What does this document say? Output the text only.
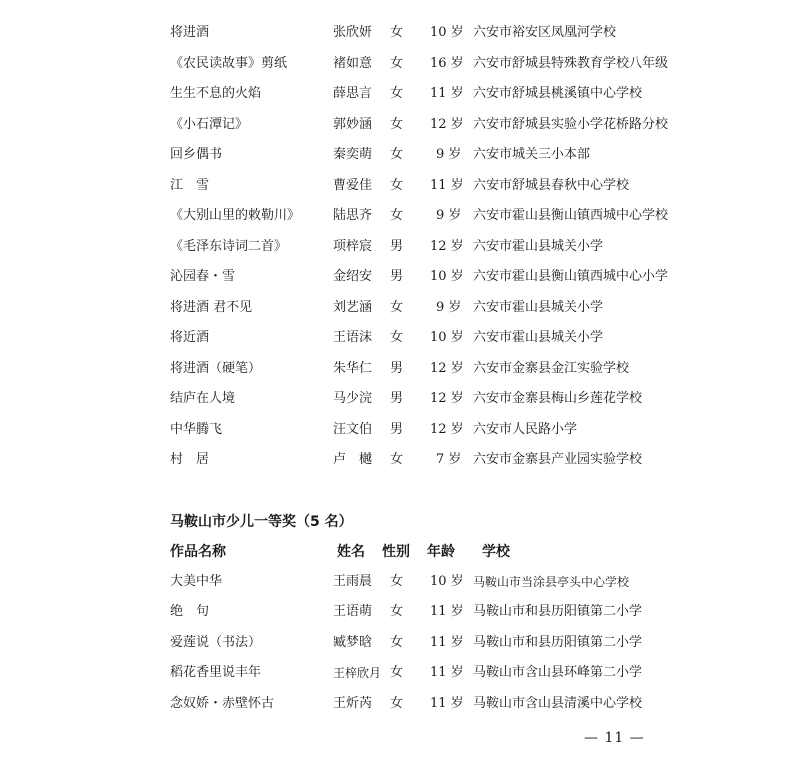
将进酒	张欣妍 女 10 岁 六安市裕安区凤凰河学校
《农民读故事》剪纸	褚如意 女 16 岁 六安市舒城县特殊教育学校八年级
生生不息的火焰	薛思言 女 11 岁 六安市舒城县桃溪镇中心学校
《小石潭记》	郭妙涵 女 12 岁 六安市舒城县实验小学花桥路分校
回乡偶书	秦奕萌 女	9 岁 六安市城关三小本部
江　雪	曹爱佳 女 11 岁 六安市舒城县春秋中心学校
《大别山里的敕勒川》	陆思齐 女	9 岁 六安市霍山县衡山镇西城中心学校
《毛泽东诗词二首》	项梓宸 男 12 岁 六安市霍山县城关小学
沁园春・雪	金绍安 男 10 岁 六安市霍山县衡山镇西城中心小学
将进酒 君不见	刘艺涵 女	9 岁 六安市霍山县城关小学
将近酒	王语沫 女 10 岁 六安市霍山县城关小学
将进酒（硬笔）	朱华仁 男 12 岁 六安市金寨县金江实验学校
结庐在人境	马少浣 男 12 岁 六安市金寨县梅山乡莲花学校
中华腾飞	汪文伯 男 12 岁 六安市人民路小学
村　居	卢　樾 女	7 岁 六安市金寨县产业园实验学校
马鞍山市少儿一等奖（5 名）
作品名称	姓名 性别 年龄 学校
大美中华	王雨晨 女 10 岁 马鞍山市当涂县亭头中心学校
绝　句	王语萌 女 11 岁 马鞍山市和县历阳镇第二小学
爱莲说（书法）	臧梦晗 女 11 岁 马鞍山市和县历阳镇第二小学
稻花香里说丰年	王梓欣月 女 11 岁 马鞍山市含山县环峰第二小学
念奴娇・赤壁怀古	王炘芮 女 11 岁 马鞍山市含山县清溪中心学校
— 11 —
